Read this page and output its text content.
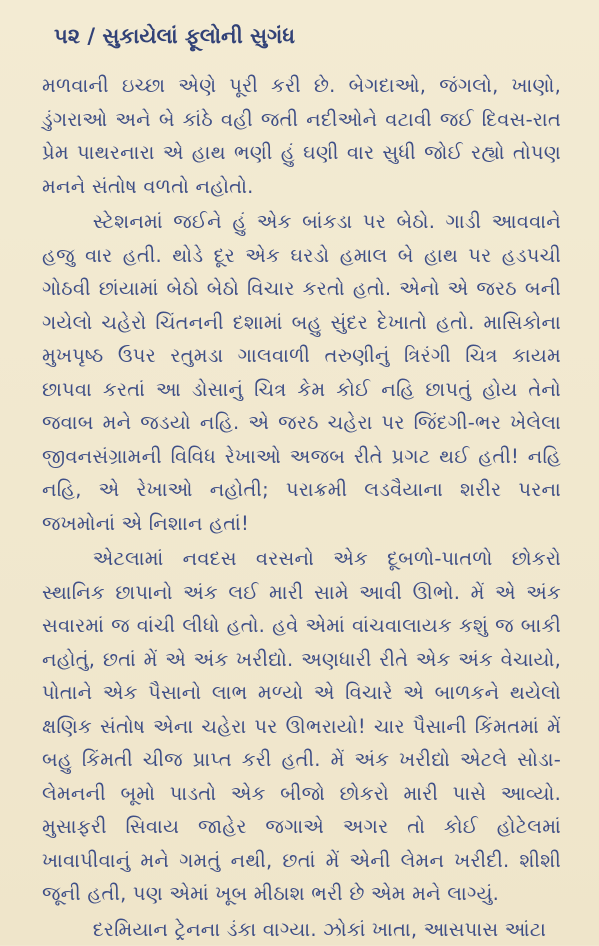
૫૨ / સુકાયેલાં ફૂલોની સુગંધ

મળવાની ઇચ્છા એણે પૂરી કરી છે. બેગદાઓ, જંગલો, ખાણો, ડુંગરાઓ અને બે કાંઠે વહી જતી નદીઓને વટાવી જઈ દિવસ-રાત પ્રેમ પાથરનારા એ હાથ ભણી હું ઘણી વાર સુધી જોઈ રહ્યો તોપણ મનને સંતોષ વળતો નહોતો.

સ્ટેશનમાં જઈને હું એક બાંકડા પર બેઠો. ગાડી આવવાને હજુ વાર હતી. થોડે દૂર એક ઘરડો હમાલ બે હાથ પર હડપચી ગોઠવી છાંયામાં બેઠો બેઠો વિચાર કરતો હતો. એનો એ જરઠ બની ગયેલો ચહેરો ચિંતનની દશામાં બહુ સુંદર દેખાતો હતો. માસિકોના મુખપૃષ્ઠ ઉપર રતુમડા ગાલવાળી તરુણીનું ત્રિરંગી ચિત્ર કાયમ છાપવા કરતાં આ ડોસાનું ચિત્ર કેમ કોઈ નહિ છાપતું હોય તેનો જવાબ મને જડયો નહિ. એ જરઠ ચહેરા પર જિંદગી-ભર ખેલેલા જીવનસંગ્રામની વિવિધ રેખાઓ અજબ રીતે પ્રગટ થઈ હતી! નહિ નહિ, એ રેખાઓ નહોતી; પરાક્રમી લડવૈયાના શરીર પરના જખમોનાં એ નિશાન હતાં!

એટલામાં નવદસ વરસનો એક દૂબળો-પાતળો છોકરો સ્થાનિક છાપાનો અંક લઈ મારી સામે આવી ઊભો. મેં એ અંક સવારમાં જ વાંચી લીધો હતો. હવે એમાં વાંચવાલાયક કશું જ બાકી નહોતું, છતાં મેં એ અંક ખરીદ્યો. અણધારી રીતે એક અંક વેચાયો, પોતાને એક પૈસાનો લાભ મળ્યો એ વિચારે એ બાળકને થયેલો ક્ષણિક સંતોષ એના ચહેરા પર ઊભરાયો! ચાર પૈસાની કિંમતમાં મેં બહુ કિંમતી ચીજ પ્રાપ્ત કરી હતી. મેં અંક ખરીદ્યો એટલે સોડા-લેમનની બૂમો પાડતો એક બીજો છોકરો મારી પાસે આવ્યો. મુસાફરી સિવાય જાહેર જગાએ અગર તો કોઈ હોટેલમાં ખાવાપીવાનું મને ગમતું નથી, છતાં મેં એની લેમન ખરીદી. શીશી જૂની હતી, પણ એમાં ખૂબ મીઠાશ ભરી છે એમ મને લાગ્યું.

દરમિયાન ટ્રેનના ડંકા વાગ્યા. ઝોકાં ખાતા, આસપાસ આંટા
